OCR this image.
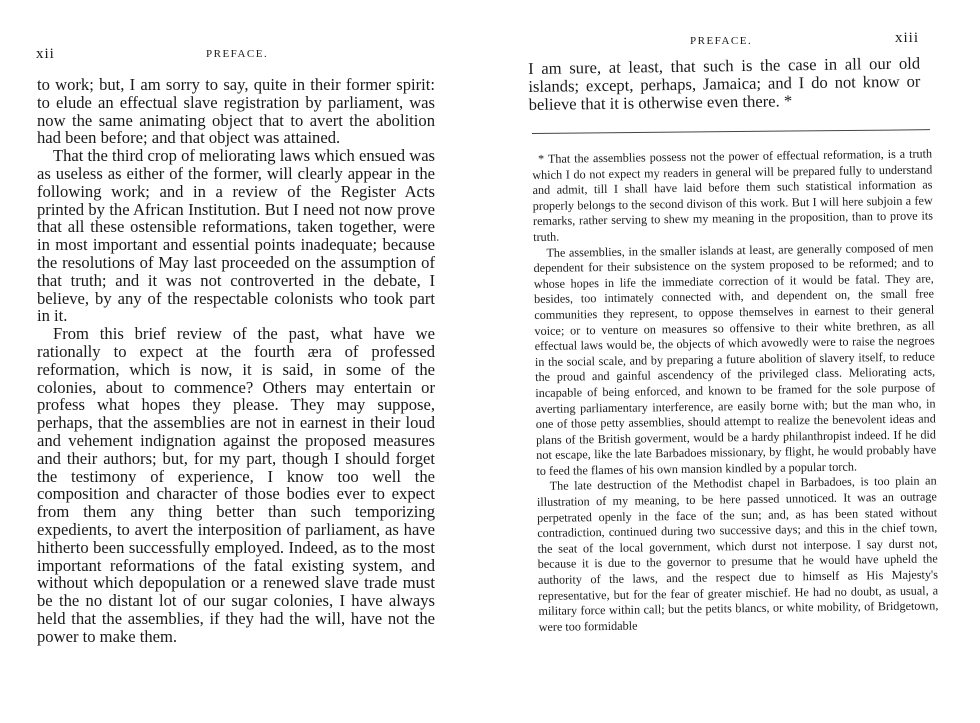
xii	PREFACE.

to work; but, I am sorry to say, quite in their former spirit: to elude an effectual slave registration by parliament, was now the same animating object that to avert the abolition had been before; and that object was attained.

That the third crop of meliorating laws which ensued was as useless as either of the former, will clearly appear in the following work; and in a review of the Register Acts printed by the African Institution. But I need not now prove that all these ostensible reformations, taken together, were in most important and essential points inadequate; because the resolutions of May last proceeded on the assumption of that truth; and it was not controverted in the debate, I believe, by any of the respectable colonists who took part in it.

From this brief review of the past, what have we rationally to expect at the fourth æra of professed reformation, which is now, it is said, in some of the colonies, about to commence? Others may entertain or profess what hopes they please. They may suppose, perhaps, that the assemblies are not in earnest in their loud and vehement indignation against the proposed measures and their authors; but, for my part, though I should forget the testimony of experience, I know too well the composition and character of those bodies ever to expect from them any thing better than such temporizing expedients, to avert the interposition of parliament, as have hitherto been successfully employed. Indeed, as to the most important reformations of the fatal existing system, and without which depopulation or a renewed slave trade must be the no distant lot of our sugar colonies, I have always held that the assemblies, if they had the will, have not the power to make them.

PREFACE.	xiii

I am sure, at least, that such is the case in all our old islands; except, perhaps, Jamaica; and I do not know or believe that it is otherwise even there. *

* That the assemblies possess not the power of effectual reformation, is a truth which I do not expect my readers in general will be prepared fully to understand and admit, till I shall have laid before them such statistical information as properly belongs to the second divison of this work. But I will here subjoin a few remarks, rather serving to shew my meaning in the proposition, than to prove its truth.

The assemblies, in the smaller islands at least, are generally composed of men dependent for their subsistence on the system proposed to be reformed; and to whose hopes in life the immediate correction of it would be fatal. They are, besides, too intimately connected with, and dependent on, the small free communities they represent, to oppose themselves in earnest to their general voice; or to venture on measures so offensive to their white brethren, as all effectual laws would be, the objects of which avowedly were to raise the negroes in the social scale, and by preparing a future abolition of slavery itself, to reduce the proud and gainful ascendency of the privileged class. Meliorating acts, incapable of being enforced, and known to be framed for the sole purpose of averting parliamentary interference, are easily borne with; but the man who, in one of those petty assemblies, should attempt to realize the benevolent ideas and plans of the British goverment, would be a hardy philanthropist indeed. If he did not escape, like the late Barbadoes missionary, by flight, he would probably have to feed the flames of his own mansion kindled by a popular torch.

The late destruction of the Methodist chapel in Barbadoes, is too plain an illustration of my meaning, to be here passed unnoticed. It was an outrage perpetrated openly in the face of the sun; and, as has been stated without contradiction, continued during two successive days; and this in the chief town, the seat of the local government, which durst not interpose. I say durst not, because it is due to the governor to presume that he would have upheld the authority of the laws, and the respect due to himself as His Majesty's representative, but for the fear of greater mischief. He had no doubt, as usual, a military force within call; but the petits blancs, or white mobility, of Bridgetown, were too formidable
